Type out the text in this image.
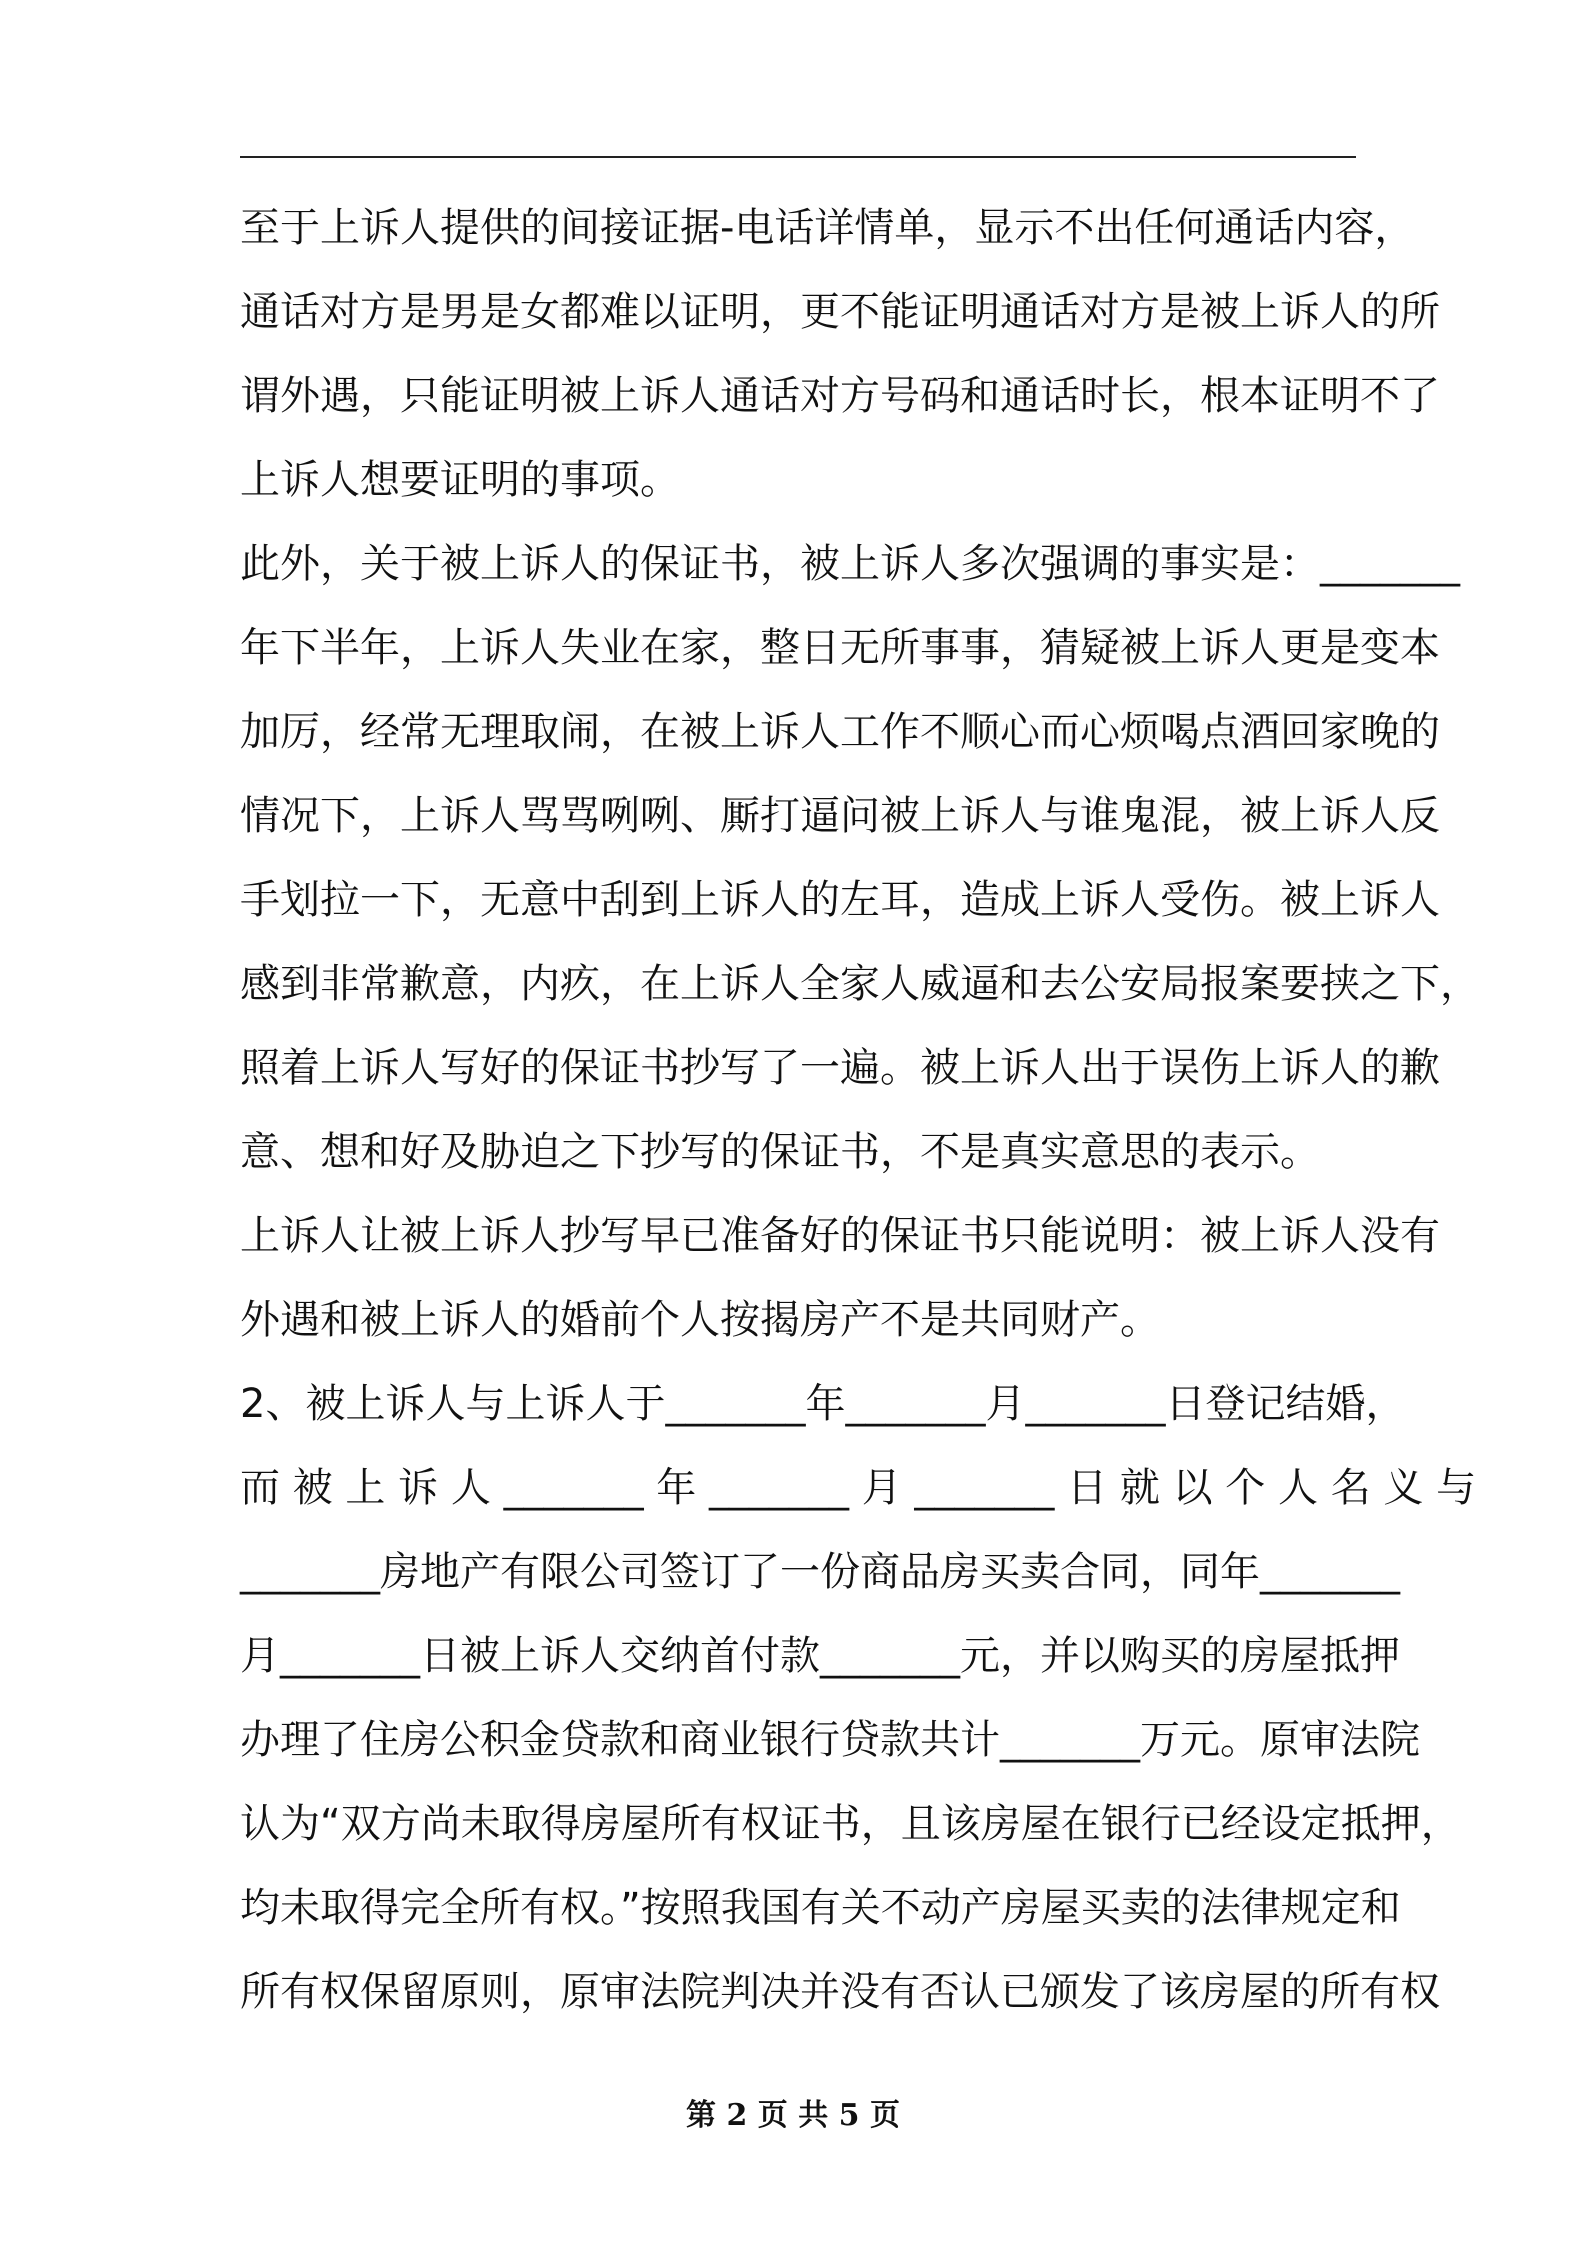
至于上诉人提供的间接证据-电话详情单，显示不出任何通话内容，
通话对方是男是女都难以证明，更不能证明通话对方是被上诉人的所
谓外遇，只能证明被上诉人通话对方号码和通话时长，根本证明不了
上诉人想要证明的事项。
此外，关于被上诉人的保证书，被上诉人多次强调的事实是：_______
年下半年，上诉人失业在家，整日无所事事，猜疑被上诉人更是变本
加厉，经常无理取闹，在被上诉人工作不顺心而心烦喝点酒回家晚的
情况下，上诉人骂骂咧咧、厮打逼问被上诉人与谁鬼混，被上诉人反
手划拉一下，无意中刮到上诉人的左耳，造成上诉人受伤。被上诉人
感到非常歉意，内疚，在上诉人全家人威逼和去公安局报案要挟之下，
照着上诉人写好的保证书抄写了一遍。被上诉人出于误伤上诉人的歉
意、想和好及胁迫之下抄写的保证书，不是真实意思的表示。
上诉人让被上诉人抄写早已准备好的保证书只能说明：被上诉人没有
外遇和被上诉人的婚前个人按揭房产不是共同财产。
2、被上诉人与上诉人于_______年_______月_______日登记结婚，
而 被 上 诉 人 _______ 年 _______ 月 _______ 日 就 以 个 人 名 义 与
_______房地产有限公司签订了一份商品房买卖合同，同年_______
月_______日被上诉人交纳首付款_______元，并以购买的房屋抵押
办理了住房公积金贷款和商业银行贷款共计_______万元。原审法院
认为“双方尚未取得房屋所有权证书，且该房屋在银行已经设定抵押，
均未取得完全所有权。”按照我国有关不动产房屋买卖的法律规定和
所有权保留原则，原审法院判决并没有否认已颁发了该房屋的所有权
第 2 页 共 5 页
